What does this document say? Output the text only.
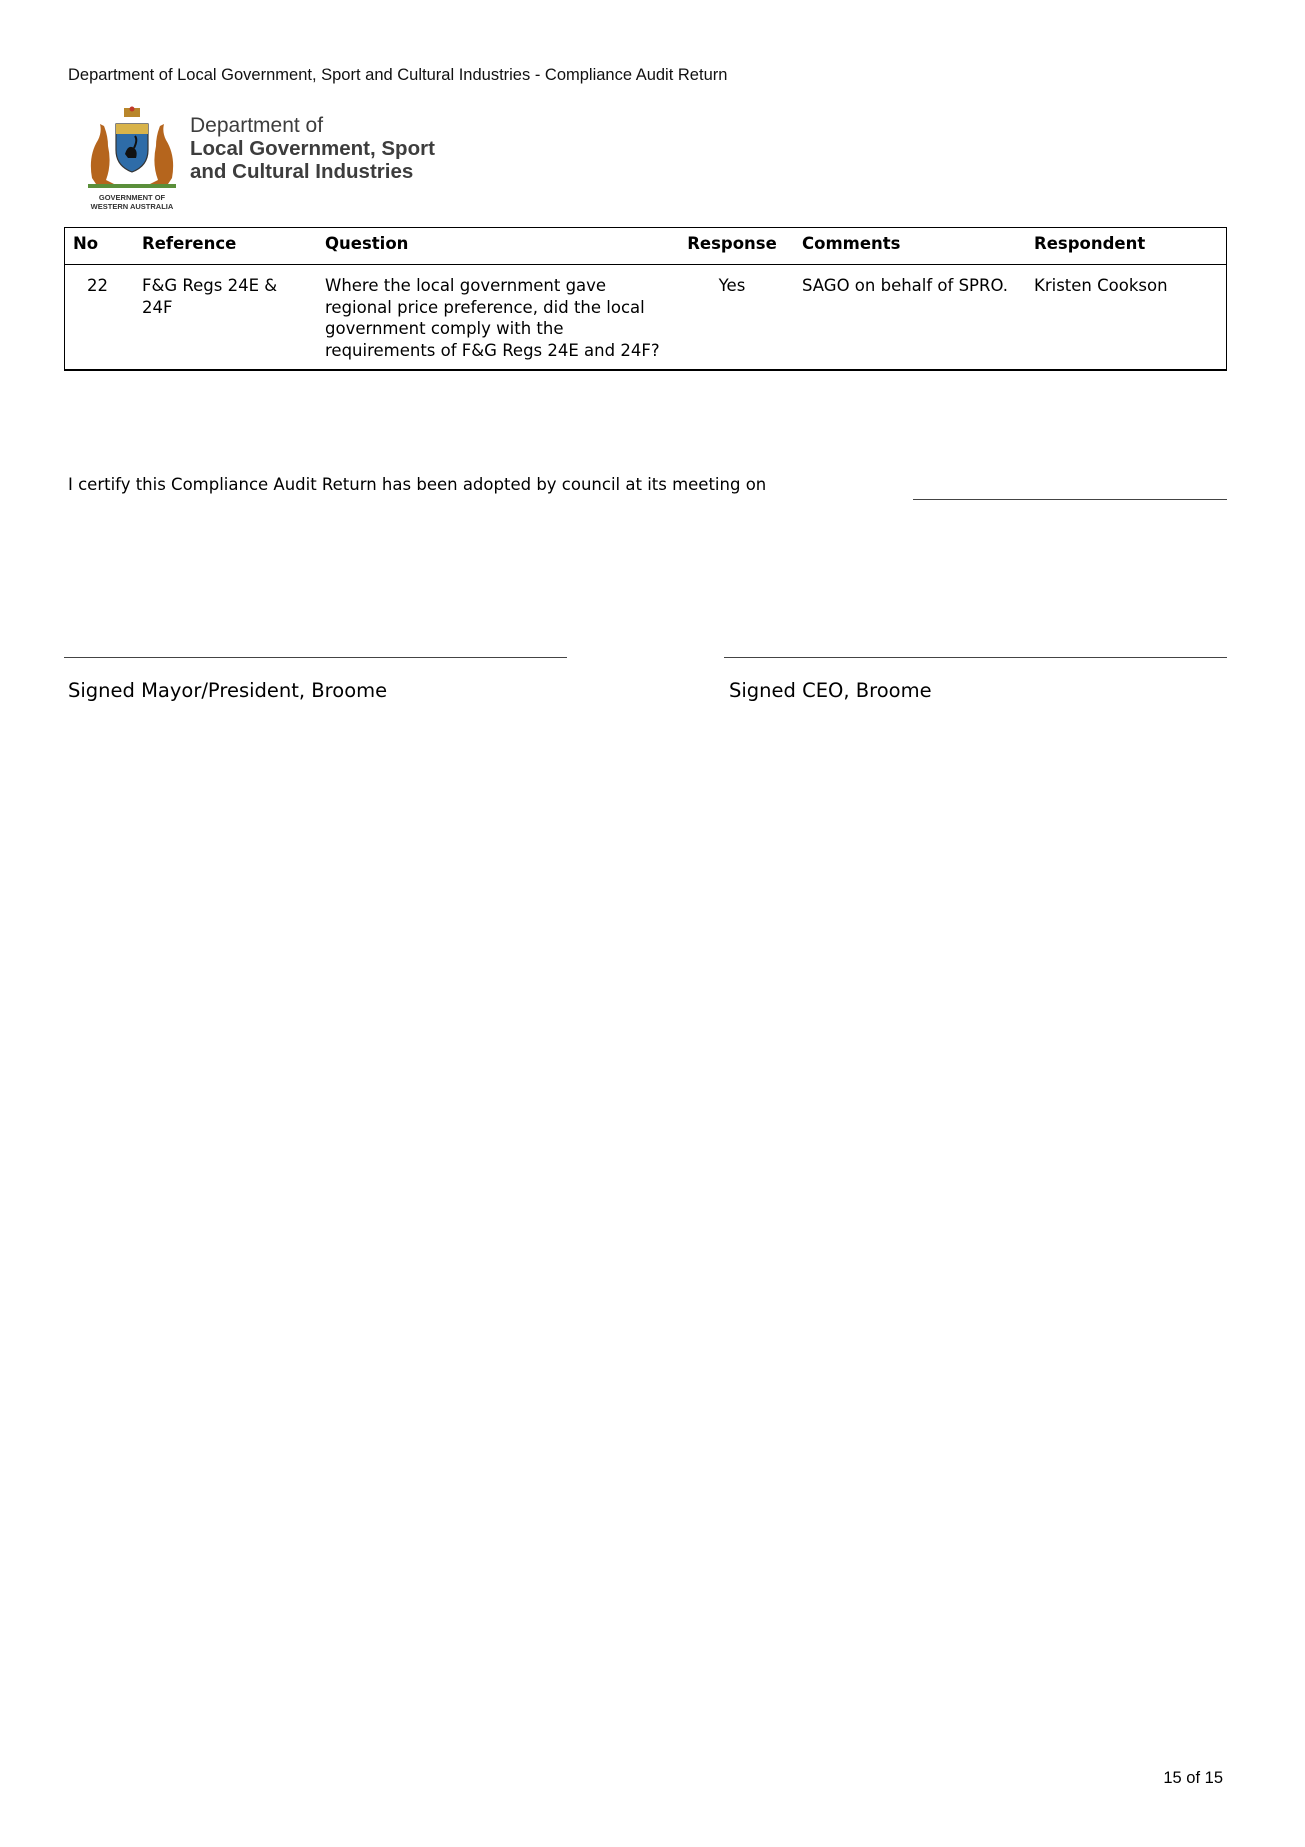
Department of Local Government, Sport and Cultural Industries - Compliance Audit Return
GOVERNMENT OF
WESTERN AUSTRALIA
Department of
Local Government, Sport
and Cultural Industries
No	Reference	Question	Response	Comments	Respondent
22	F&G Regs 24E & 24F	Where the local government gave regional price preference, did the local government comply with the requirements of F&G Regs 24E and 24F?	Yes	SAGO on behalf of SPRO.	Kristen Cookson
I certify this Compliance Audit Return has been adopted by council at its meeting on
Signed Mayor/President, Broome	Signed CEO, Broome
15 of 15
